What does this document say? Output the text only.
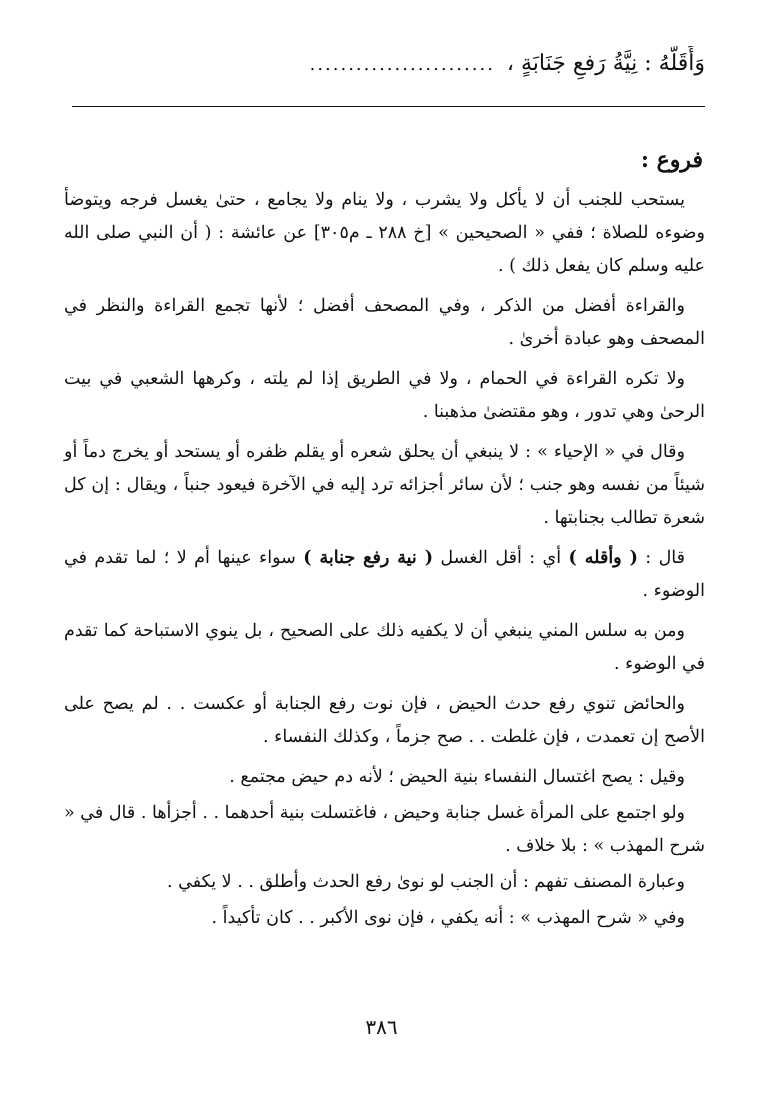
وَأَقَلُّهُ : نِيَّةُ رَفعِ جَنَابَةٍ ،
........................
فروع :

يستحب للجنب أن لا يأكل ولا يشرب ، ولا ينام ولا يجامع ، حتىٰ يغسل فرجه ويتوضأ وضوءه للصلاة ؛ ففي « الصحيحين » [خ ٢٨٨ ـ م٣٠٥] عن عائشة : ( أن النبي صلى الله عليه وسلم كان يفعل ذلك ) .

والقراءة أفضل من الذكر ، وفي المصحف أفضل ؛ لأنها تجمع القراءة والنظر في المصحف وهو عبادة أخرىٰ .

ولا تكره القراءة في الحمام ، ولا في الطريق إذا لم يلته ، وكرهها الشعبي في بيت الرحىٰ وهي تدور ، وهو مقتضىٰ مذهبنا .

وقال في « الإحياء » : لا ينبغي أن يحلق شعره أو يقلم ظفره أو يستحد أو يخرج دماً أو شيئاً من نفسه وهو جنب ؛ لأن سائر أجزائه ترد إليه في الآخرة فيعود جنباً ، ويقال : إن كل شعرة تطالب بجنابتها .

قال : ( وأقله ) أي : أقل الغسل ( نية رفع جنابة ) سواء عينها أم لا ؛ لما تقدم في الوضوء .

ومن به سلس المني ينبغي أن لا يكفيه ذلك على الصحيح ، بل ينوي الاستباحة كما تقدم في الوضوء .

والحائض تنوي رفع حدث الحيض ، فإن نوت رفع الجنابة أو عكست . . لم يصح على الأصح إن تعمدت ، فإن غلطت . . صح جزماً ، وكذلك النفساء .

وقيل : يصح اغتسال النفساء بنية الحيض ؛ لأنه دم حيض مجتمع .

ولو اجتمع على المرأة غسل جنابة وحيض ، فاغتسلت بنية أحدهما . . أجزأها . قال في « شرح المهذب » : بلا خلاف .

وعبارة المصنف تفهم : أن الجنب لو نوىٰ رفع الحدث وأطلق . . لا يكفي .

وفي « شرح المهذب » : أنه يكفي ، فإن نوى الأكبر . . كان تأكيداً .

٣٨٦
